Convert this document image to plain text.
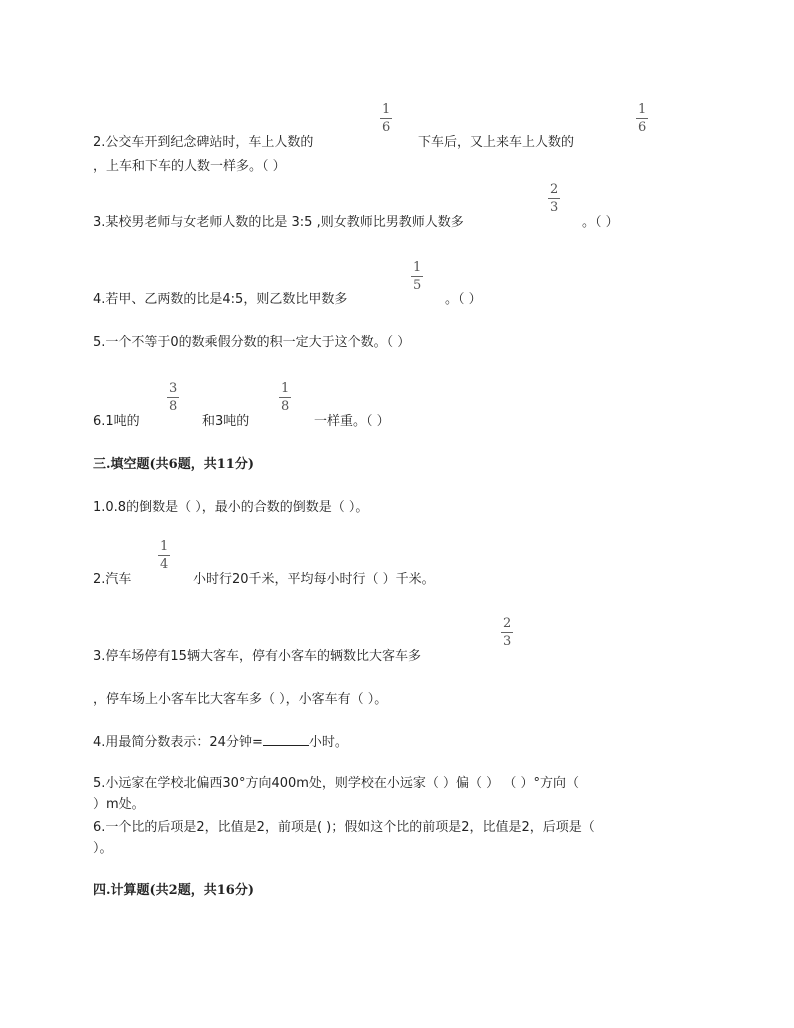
2.公交车开到纪念碑站时，车上人数的
1
6
下车后，又上来车上人数的
1
6
，上车和下车的人数一样多。（ ）
3.某校男老师与女老师人数的比是 3:5 ,则女教师比男教师人数多
2
3
。（ ）
4.若甲、乙两数的比是4:5，则乙数比甲数多
1
5
。（ ）
5.一个不等于0的数乘假分数的积一定大于这个数。（ ）
6.1吨的
3
8
和3吨的
1
8
一样重。（ ）
三.填空题(共6题，共11分)
1.0.8的倒数是（ ），最小的合数的倒数是（ ）。
2.汽车
1
4
小时行20千米，平均每小时行（ ）千米。
3.停车场停有15辆大客车，停有小客车的辆数比大客车多
2
3
，停车场上小客车比大客车多（ ），小客车有（ ）。
4.用最简分数表示：24分钟=	小时。
5.小远家在学校北偏西30°方向400m处，则学校在小远家（ ）偏（ ） （ ）°方向（
）m处。
6.一个比的后项是2，比值是2，前项是( )；假如这个比的前项是2，比值是2，后项是（
）。
四.计算题(共2题，共16分)
